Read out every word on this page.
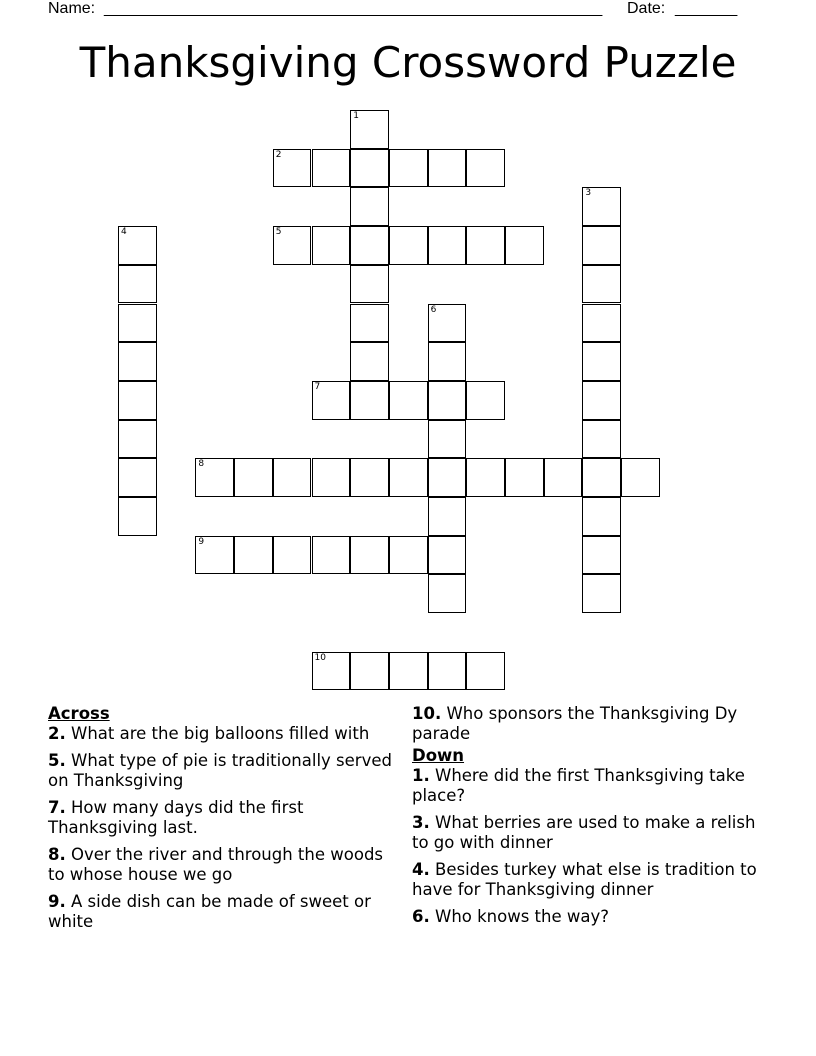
Name: ________________________________________________________ Date: _______
Thanksgiving Crossword Puzzle
1
2
3
4	5
6
7
8
9
10
Across
2. What are the big balloons filled with
5. What type of pie is traditionally served on Thanksgiving
7. How many days did the first Thanksgiving last.
8. Over the river and through the woods to whose house we go
9. A side dish can be made of sweet or white
10. Who sponsors the Thanksgiving Dy parade
Down
1. Where did the first Thanksgiving take place?
3. What berries are used to make a relish to go with dinner
4. Besides turkey what else is tradition to have for Thanksgiving dinner
6. Who knows the way?
